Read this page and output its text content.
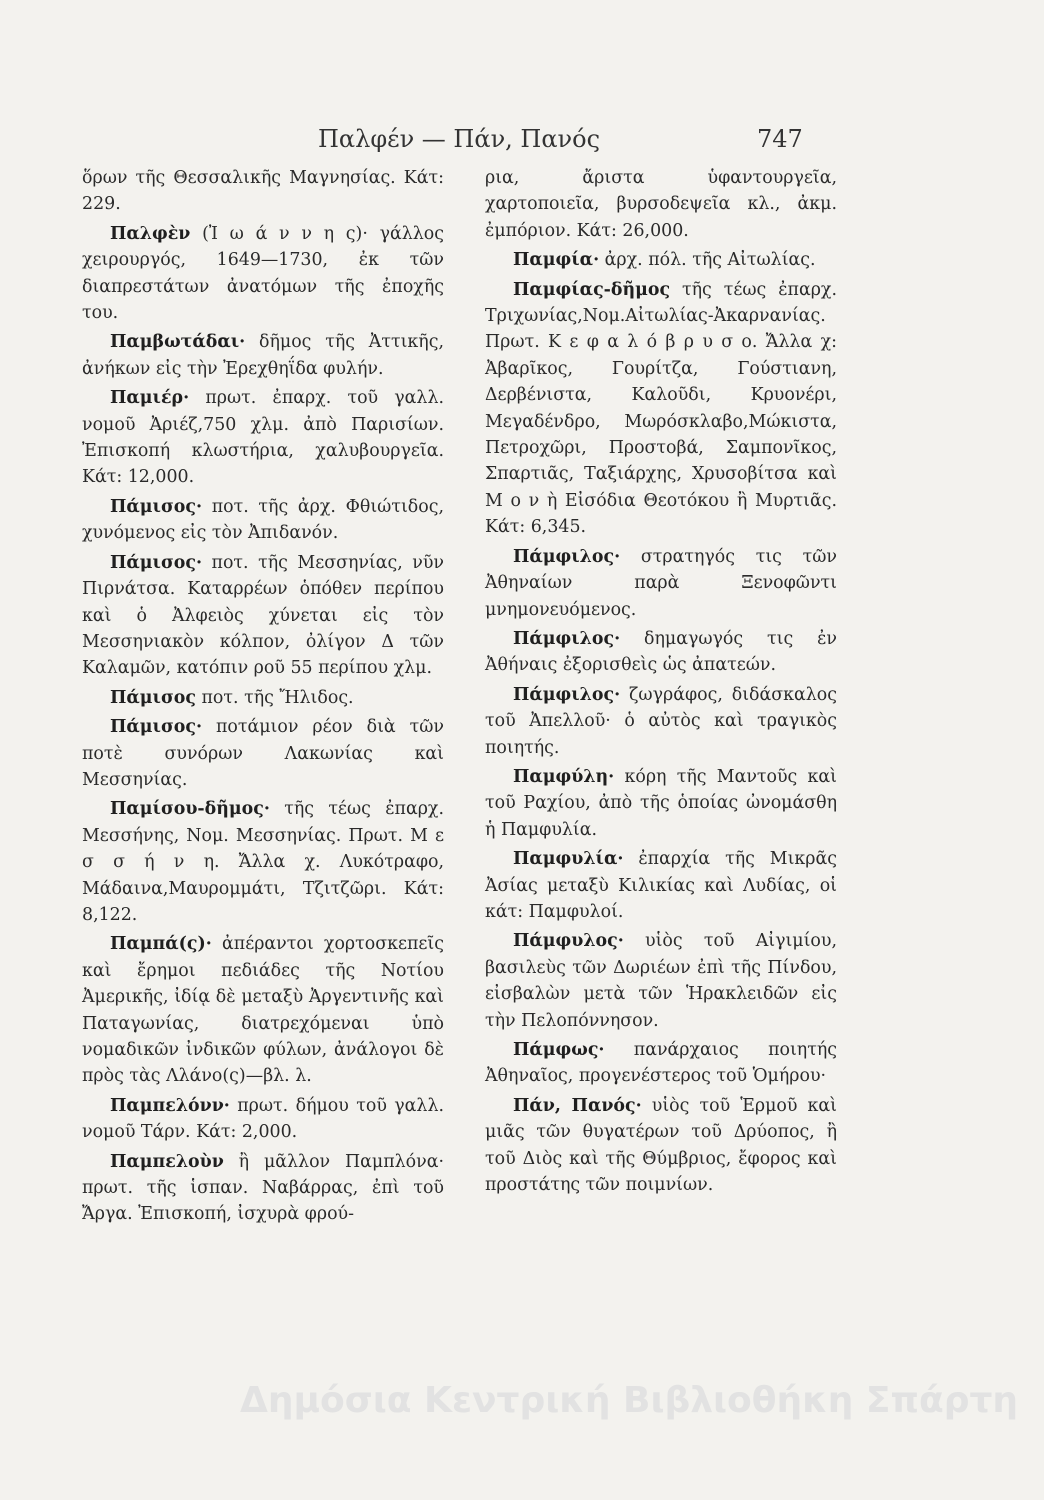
Παλφέν — Πάν, Πανός	747

ὅρων τῆς Θεσσαλικῆς Μαγνησίας. Κάτ: 229.

Παλφὲν (Ἰ ω ά ν ν η ς)· γάλλος χειρουργός, 1649—1730, ἐκ τῶν διαπρεστάτων ἀνατόμων τῆς ἐποχῆς του.

Παμβωτάδαι· δῆμος τῆς Ἀττικῆς, ἀνήκων εἰς τὴν Ἐρεχθηΐδα φυλήν.

Παμιέρ· πρωτ. ἐπαρχ. τοῦ γαλλ. νομοῦ Ἀριέζ,750 χλμ. ἀπὸ Παρισίων. Ἐπισκοπή κλωστήρια, χαλυβουργεῖα. Κάτ: 12,000.

Πάμισος· ποτ. τῆς ἀρχ. Φθιώτιδος, χυνόμενος εἰς τὸν Ἀπιδανόν.

Πάμισος· ποτ. τῆς Μεσσηνίας, νῦν Πιρνάτσα. Καταρρέων ὁπόθεν περίπου καὶ ὁ Ἀλφειὸς χύνεται εἰς τὸν Μεσσηνιακὸν κόλπον, ὀλίγον Δ τῶν Καλαμῶν, κατόπιν ροῦ 55 περίπου χλμ.

Πάμισος ποτ. τῆς Ἤλιδος.

Πάμισος· ποτάμιον ρέον διὰ τῶν ποτὲ συνόρων Λακωνίας καὶ Μεσσηνίας.

Παμίσου-δῆμος· τῆς τέως ἐπαρχ. Μεσσήνης, Νομ. Μεσσηνίας. Πρωτ. Μ ε σ σ ή ν η. Ἄλλα χ. Λυκότραφο, Μάδαινα,Μαυρομμάτι, Τζιτζῶρι. Κάτ: 8,122.

Παμπά(ς)· ἀπέραντοι χορτοσκεπεῖς καὶ ἔρημοι πεδιάδες τῆς Νοτίου Ἀμερικῆς, ἰδίᾳ δὲ μεταξὺ Ἀργεντινῆς καὶ Παταγωνίας, διατρεχόμεναι ὑπὸ νομαδικῶν ἰνδικῶν φύλων, ἀνάλογοι δὲ πρὸς τὰς Λλάνο(ς)—βλ. λ.

Παμπελόνν· πρωτ. δήμου τοῦ γαλλ. νομοῦ Τάρν. Κάτ: 2,000.

Παμπελοὺν ἢ μᾶλλον Παμπλόνα· πρωτ. τῆς ἱσπαν. Ναβάρρας, ἐπὶ τοῦ Ἄργα. Ἐπισκοπή, ἰσχυρὰ φρού-

ρια, ἄριστα ὑφαντουργεῖα, χαρτοποιεῖα, βυρσοδεψεῖα κλ., ἀκμ. ἐμπόριον. Κάτ: 26,000.

Παμφία· ἀρχ. πόλ. τῆς Αἰτωλίας.

Παμφίας-δῆμος τῆς τέως ἐπαρχ. Τριχωνίας,Νομ.Αἰτωλίας-Ἀκαρνανίας. Πρωτ. Κ ε φ α λ ό β ρ υ σ ο. Ἄλλα χ: Ἀβαρῖκος, Γουρίτζα, Γούστιανη, Δερβένιστα, Καλοῦδι, Κρυονέρι, Μεγαδένδρο, Μωρόσκλαβο,Μώκιστα, Πετροχῶρι, Προστοβά, Σαμπονῖκος, Σπαρτιᾶς, Ταξιάρχης, Χρυσοβίτσα καὶ Μ ο ν ὴ Εἰσόδια Θεοτόκου ἢ Μυρτιᾶς. Κάτ: 6,345.

Πάμφιλος· στρατηγός τις τῶν Ἀθηναίων παρὰ Ξενοφῶντι μνημονευόμενος.

Πάμφιλος· δημαγωγός τις ἐν Ἀθήναις ἐξορισθεὶς ὡς ἀπατεών.

Πάμφιλος· ζωγράφος, διδάσκαλος τοῦ Ἀπελλοῦ· ὁ αὐτὸς καὶ τραγικὸς ποιητής.

Παμφύλη· κόρη τῆς Μαντοῦς καὶ τοῦ Ραχίου, ἀπὸ τῆς ὁποίας ὠνομάσθη ἡ Παμφυλία.

Παμφυλία· ἐπαρχία τῆς Μικρᾶς Ἀσίας μεταξὺ Κιλικίας καὶ Λυδίας, οἱ κάτ: Παμφυλοί.

Πάμφυλος· υἱὸς τοῦ Αἰγιμίου, βασιλεὺς τῶν Δωριέων ἐπὶ τῆς Πίνδου, εἰσβαλὼν μετὰ τῶν Ἡρακλειδῶν εἰς τὴν Πελοπόννησον.

Πάμφως· πανάρχαιος ποιητής Ἀθηναῖος, προγενέστερος τοῦ Ὁμήρου·

Πάν, Πανός· υἱὸς τοῦ Ἑρμοῦ καὶ μιᾶς τῶν θυγατέρων τοῦ Δρύοπος, ἢ τοῦ Διὸς καὶ τῆς Θύμβριος, ἔφορος καὶ προστάτης τῶν ποιμνίων.

Δημόσια Κεντρική Βιβλιοθήκη Σπάρτη
